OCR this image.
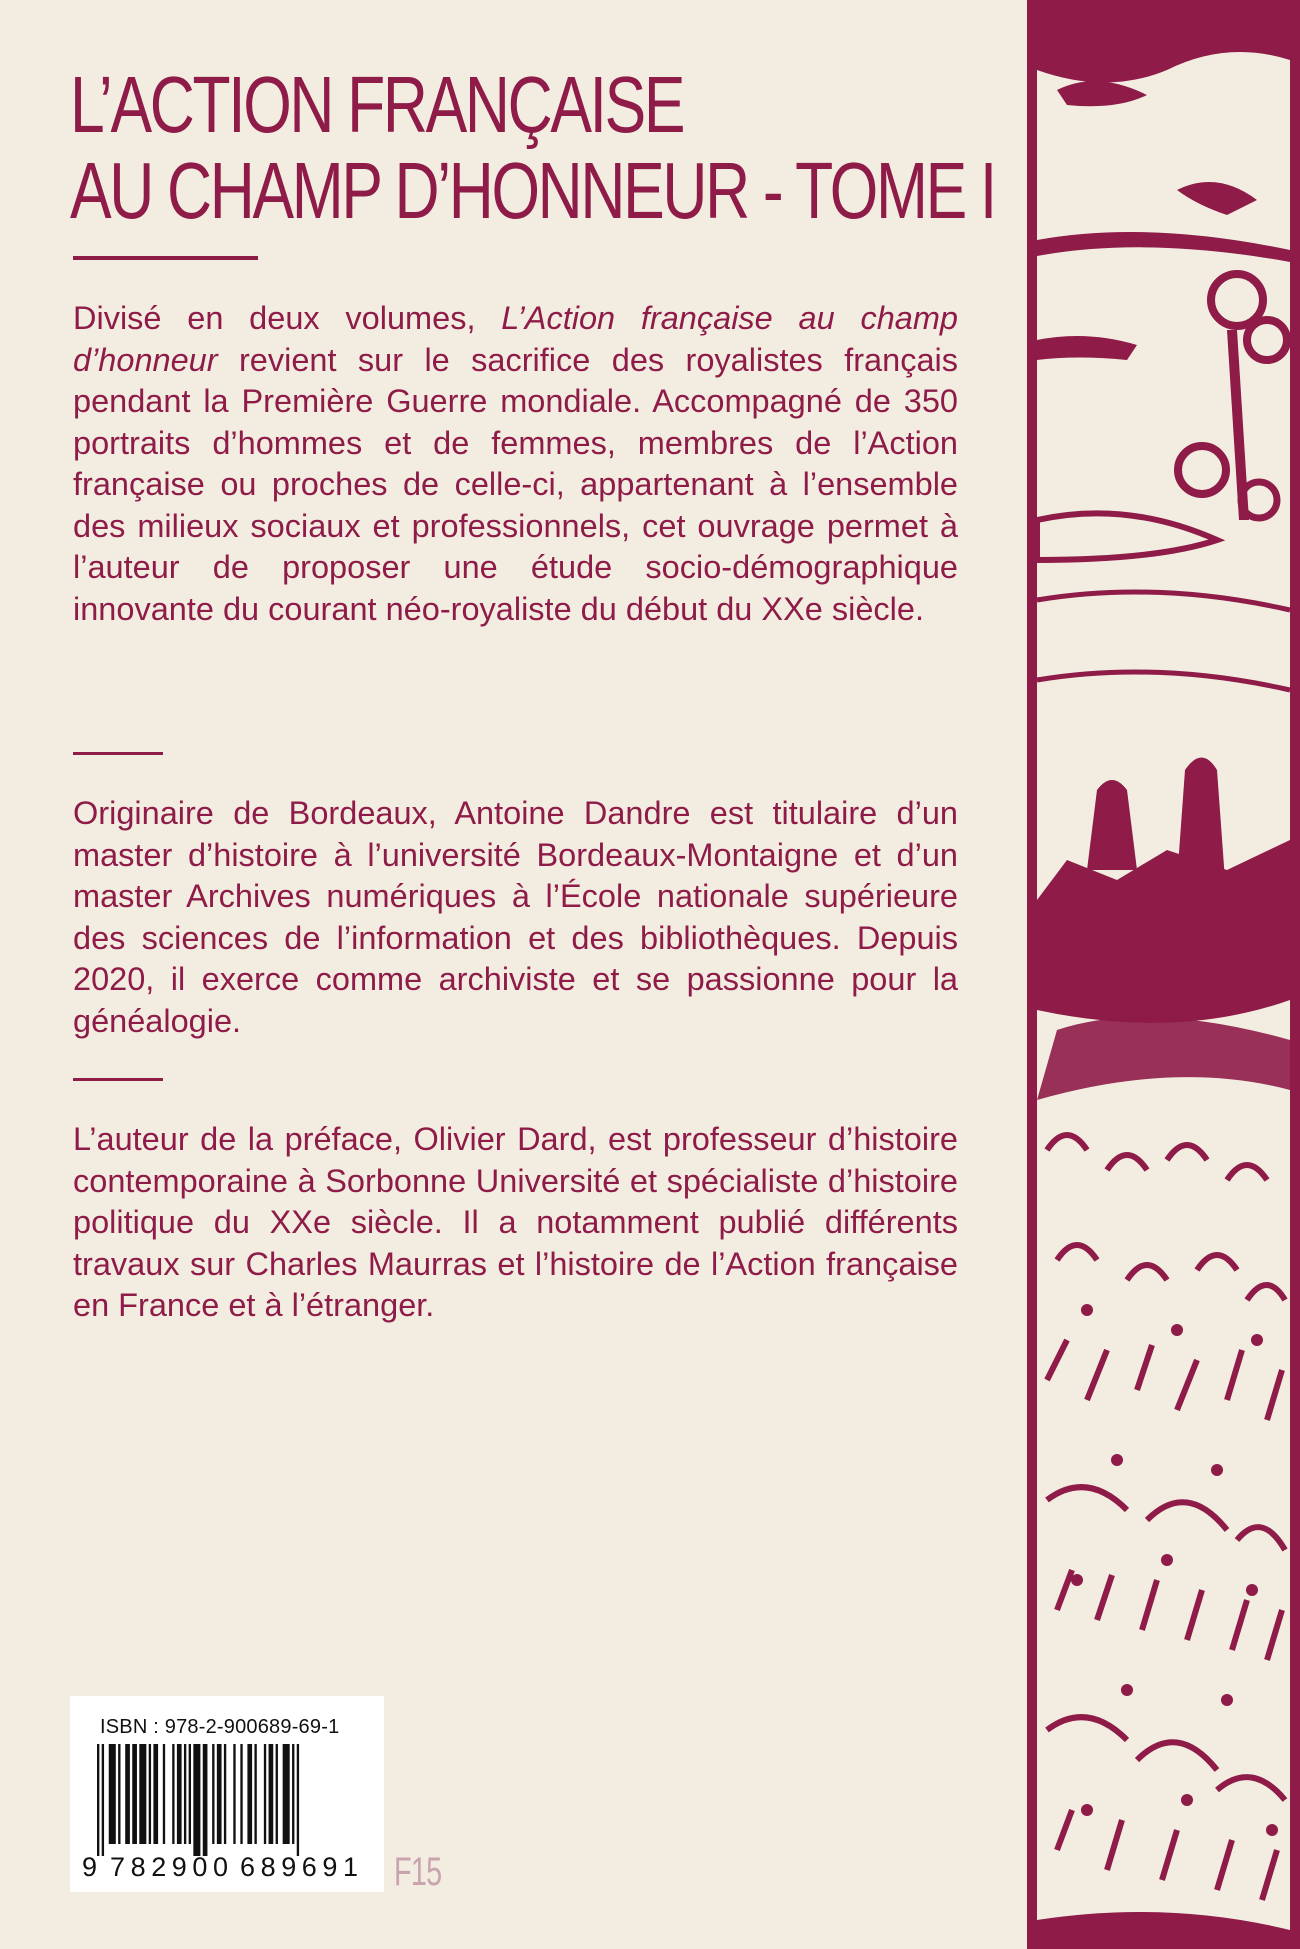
L’ACTION FRANÇAISE
AU CHAMP D’HONNEUR - TOME I

Divisé en deux volumes, L’Action française au champ d’honneur revient sur le sacrifice des royalistes français pendant la Première Guerre mondiale. Accompagné de 350 portraits d’hommes et de femmes, membres de l’Action française ou proches de celle-ci, appartenant à l’ensemble des milieux sociaux et professionnels, cet ouvrage permet à l’auteur de proposer une étude socio-démographique innovante du courant néo-royaliste du début du XXe siècle.

Originaire de Bordeaux, Antoine Dandre est titulaire d’un master d’histoire à l’université Bordeaux-Montaigne et d’un master Archives numériques à l’École nationale supérieure des sciences de l’information et des bibliothèques. Depuis 2020, il exerce comme archiviste et se passionne pour la généalogie.

L’auteur de la préface, Olivier Dard, est professeur d’histoire contemporaine à Sorbonne Université et spécialiste d’histoire politique du XXe siècle. Il a notamment publié différents travaux sur Charles Maurras et l’histoire de l’Action française en France et à l’étranger.

ISBN : 978-2-900689-69-1
9 782900 689691 F15
